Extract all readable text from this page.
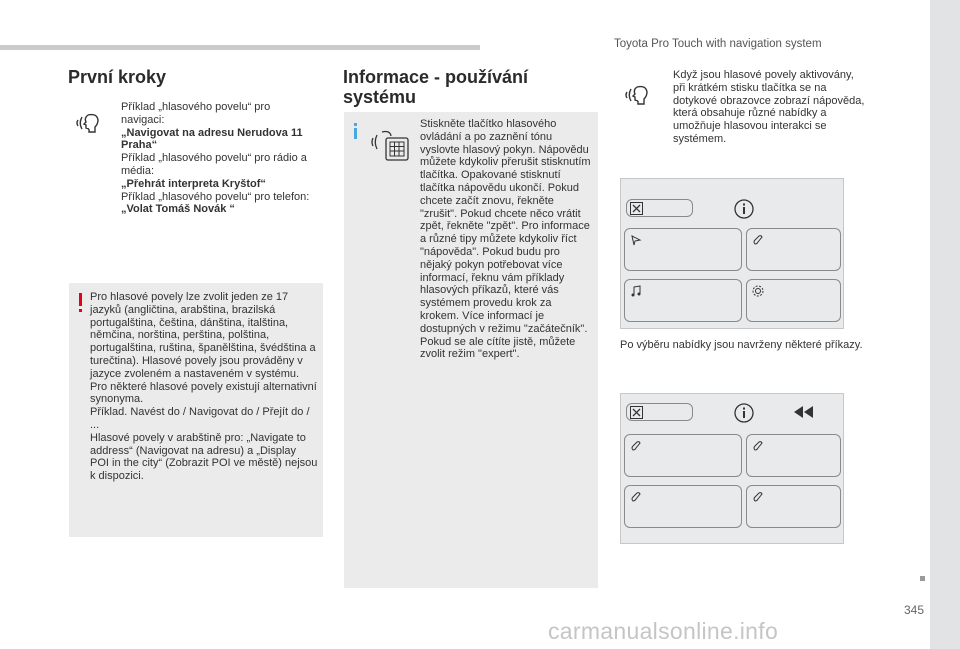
Toyota Pro Touch with navigation system
345
První kroky
Příklad „hlasového povelu“ pro navigaci:
„Navigovat na adresu Nerudova 11 Praha“
Příklad „hlasového povelu“ pro rádio a média:
„Přehrát interpreta Kryštof“
Příklad „hlasového povelu“ pro telefon:
„Volat Tomáš Novák “
Pro hlasové povely lze zvolit jeden ze 17 jazyků (angličtina, arabština, brazilská portugalština, čeština, dánština, italština, němčina, norština, perština, polština, portugalština, ruština, španělština, švédština a turečtina). Hlasové povely jsou prováděny v jazyce zvoleném a nastaveném v systému.
Pro některé hlasové povely existují alternativní synonyma.
Příklad. Navést do / Navigovat do / Přejít do / ...
Hlasové povely v arabštině pro: „Navigate to address“ (Navigovat na adresu) a „Display POI in the city“ (Zobrazit POI ve městě) nejsou k dispozici.
Informace - používání systému
Stiskněte tlačítko hlasového ovládání a po zaznění tónu vyslovte hlasový pokyn. Nápovědu můžete kdykoliv přerušit stisknutím tlačítka. Opakované stisknutí tlačítka nápovědu ukončí. Pokud chcete začít znovu, řekněte "zrušit". Pokud chcete něco vrátit zpět, řekněte "zpět". Pro informace a různé tipy můžete kdykoliv říct "nápověda". Pokud budu pro nějaký pokyn potřebovat více informací, řeknu vám příklady hlasových příkazů, které vás systémem provedu krok za krokem. Více informací je dostupných v režimu "začátečník". Pokud se ale cítíte jistě, můžete zvolit režim "expert".
Když jsou hlasové povely aktivovány, při krátkém stisku tlačítka se na dotykové obrazovce zobrazí nápověda, která obsahuje různé nabídky a umožňuje hlasovou interakci se systémem.
Po výběru nabídky jsou navrženy některé příkazy.
carmanualsonline.info
